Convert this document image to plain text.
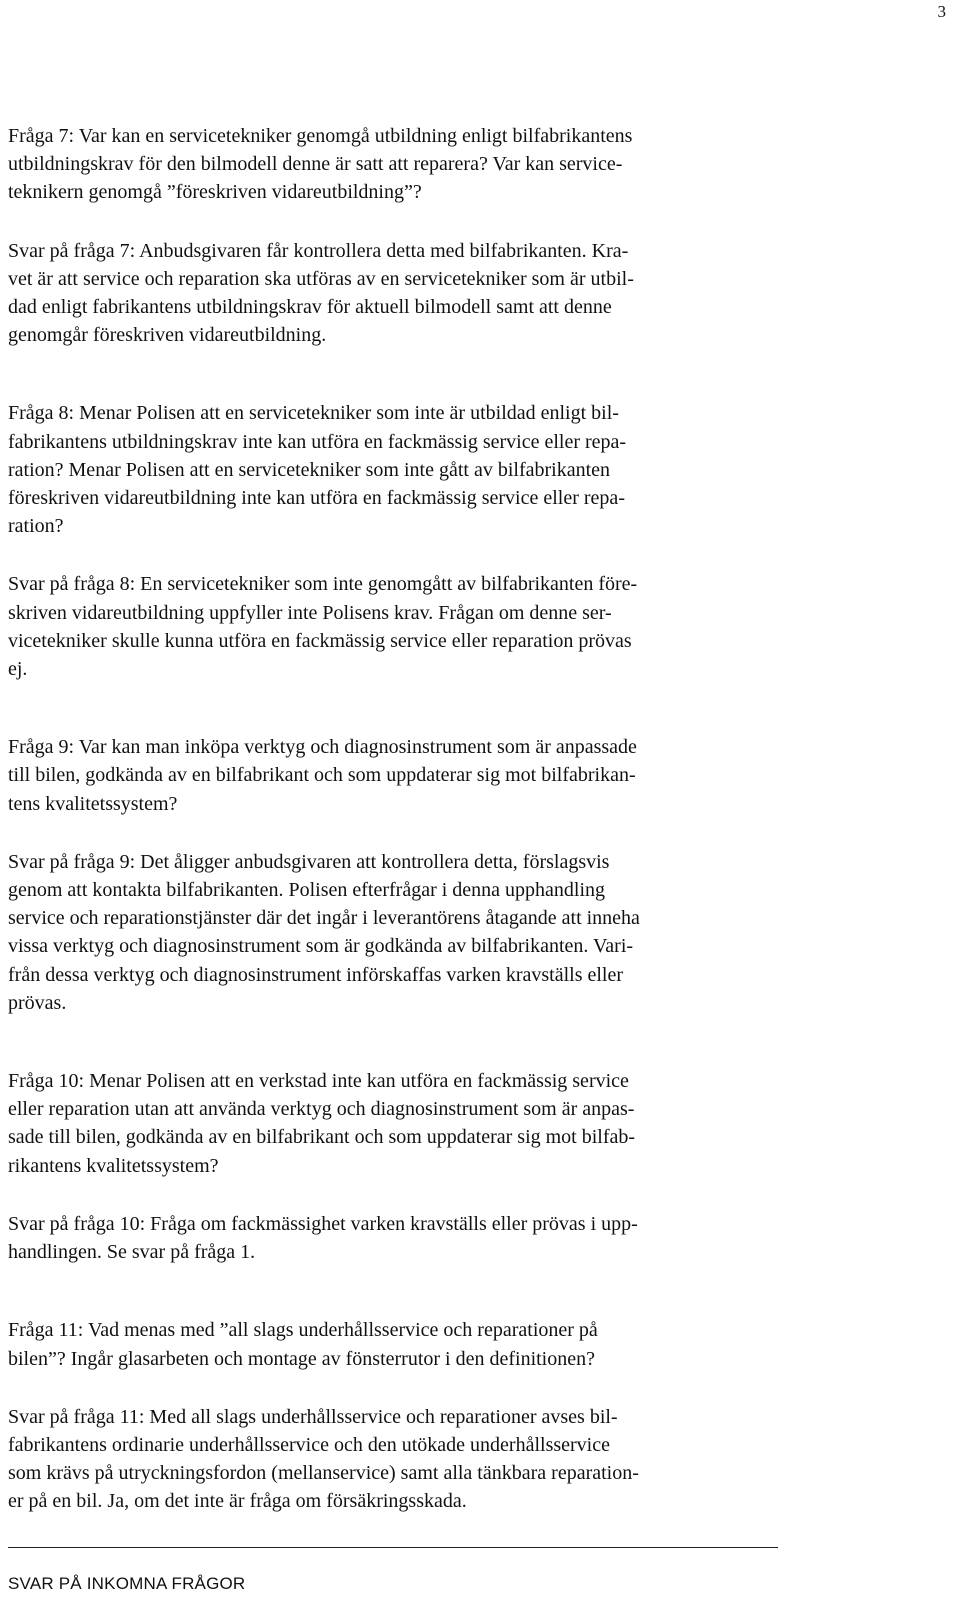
3

Fråga 7: Var kan en servicetekniker genomgå utbildning enligt bilfabrikantens
utbildningskrav för den bilmodell denne är satt att reparera? Var kan service-
teknikern genomgå ”föreskriven vidareutbildning”?

Svar på fråga 7: Anbudsgivaren får kontrollera detta med bilfabrikanten. Kra-
vet är att service och reparation ska utföras av en servicetekniker som är utbil-
dad enligt fabrikantens utbildningskrav för aktuell bilmodell samt att denne
genomgår föreskriven vidareutbildning.

Fråga 8: Menar Polisen att en servicetekniker som inte är utbildad enligt bil-
fabrikantens utbildningskrav inte kan utföra en fackmässig service eller repa-
ration? Menar Polisen att en servicetekniker som inte gått av bilfabrikanten
föreskriven vidareutbildning inte kan utföra en fackmässig service eller repa-
ration?

Svar på fråga 8: En servicetekniker som inte genomgått av bilfabrikanten före-
skriven vidareutbildning uppfyller inte Polisens krav. Frågan om denne ser-
vicetekniker skulle kunna utföra en fackmässig service eller reparation prövas
ej.

Fråga 9: Var kan man inköpa verktyg och diagnosinstrument som är anpassade
till bilen, godkända av en bilfabrikant och som uppdaterar sig mot bilfabrikan-
tens kvalitetssystem?

Svar på fråga 9: Det åligger anbudsgivaren att kontrollera detta, förslagsvis
genom att kontakta bilfabrikanten. Polisen efterfrågar i denna upphandling
service och reparationstjänster där det ingår i leverantörens åtagande att inneha
vissa verktyg och diagnosinstrument som är godkända av bilfabrikanten. Vari-
från dessa verktyg och diagnosinstrument införskaffas varken kravställs eller
prövas.

Fråga 10: Menar Polisen att en verkstad inte kan utföra en fackmässig service
eller reparation utan att använda verktyg och diagnosinstrument som är anpas-
sade till bilen, godkända av en bilfabrikant och som uppdaterar sig mot bilfab-
rikantens kvalitetssystem?

Svar på fråga 10: Fråga om fackmässighet varken kravställs eller prövas i upp-
handlingen. Se svar på fråga 1.

Fråga 11: Vad menas med ”all slags underhållsservice och reparationer på
bilen”? Ingår glasarbeten och montage av fönsterrutor i den definitionen?

Svar på fråga 11: Med all slags underhållsservice och reparationer avses bil-
fabrikantens ordinarie underhållsservice och den utökade underhållsservice
som krävs på utryckningsfordon (mellanservice) samt alla tänkbara reparation-
er på en bil. Ja, om det inte är fråga om försäkringsskada.

SVAR PÅ INKOMNA FRÅGOR
